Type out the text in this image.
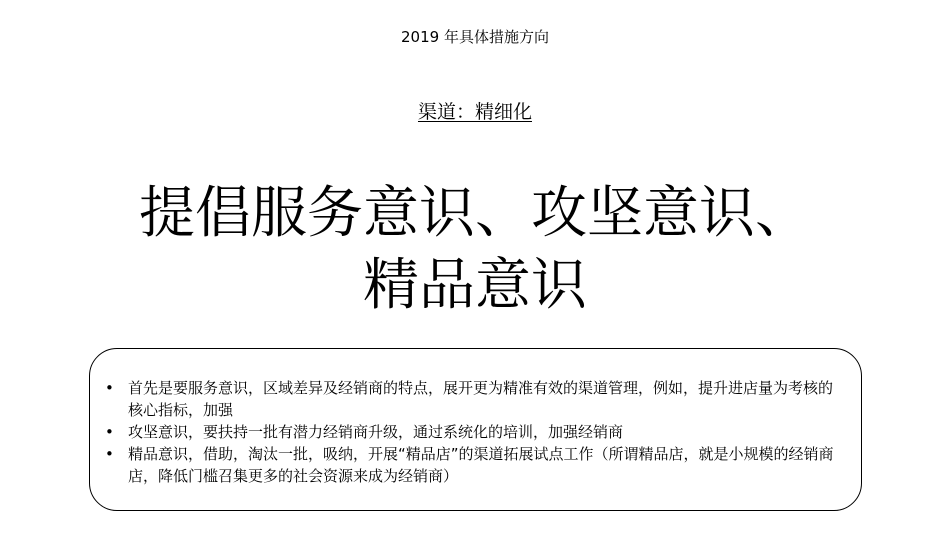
2019 年具体措施方向
渠道：精细化
提倡服务意识、攻坚意识、
精品意识
• 首先是要服务意识，区域差异及经销商的特点，展开更为精准有效的渠道管理，例如，提升进店量为考核的核心指标，加强
• 攻坚意识，要扶持一批有潜力经销商升级，通过系统化的培训，加强经销商
• 精品意识，借助，淘汰一批，吸纳，开展“精品店”的渠道拓展试点工作（所谓精品店，就是小规模的经销商店，降低门槛召集更多的社会资源来成为经销商）
